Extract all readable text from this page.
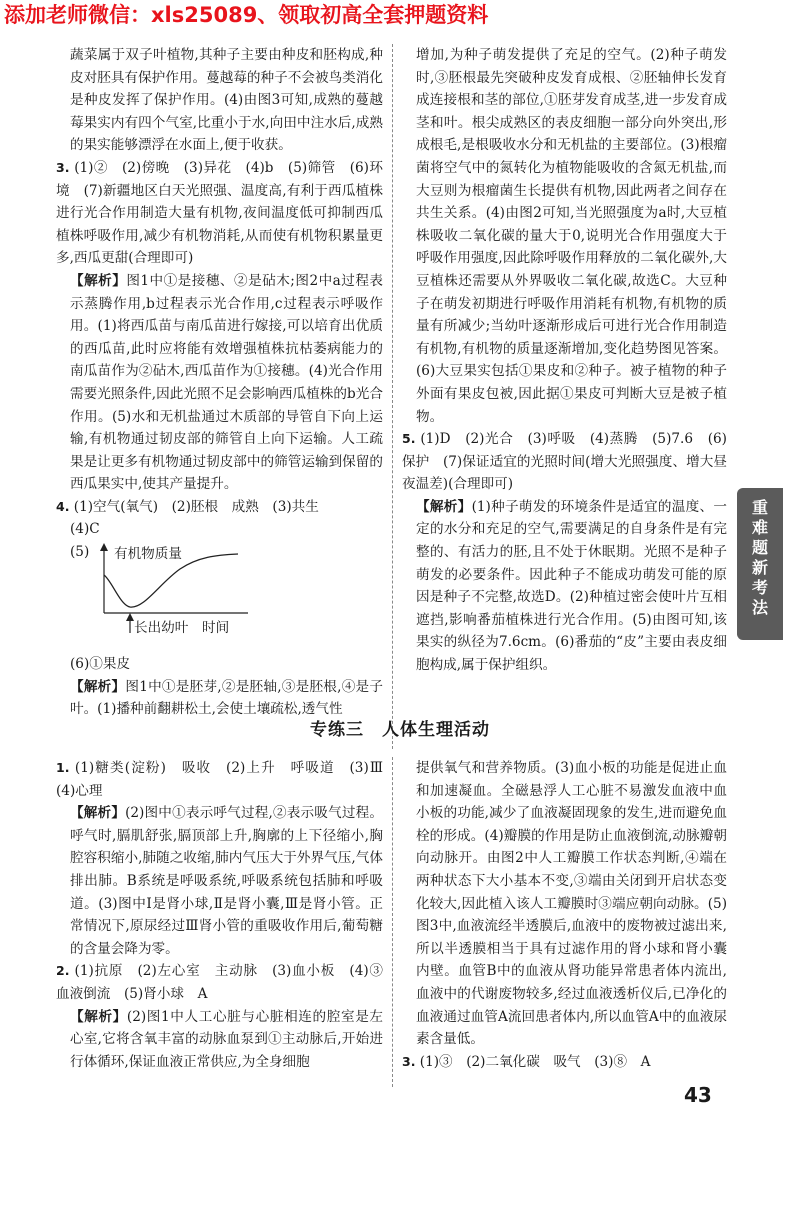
添加老师微信：xls25089、领取初高全套押题资料

蔬菜属于双子叶植物,其种子主要由种皮和胚构成,种皮对胚具有保护作用。蔓越莓的种子不会被鸟类消化是种皮发挥了保护作用。(4)由图3可知,成熟的蔓越莓果实内有四个气室,比重小于水,向田中注水后,成熟的果实能够漂浮在水面上,便于收获。

3. (1)②　(2)傍晚　(3)异花　(4)b　(5)筛管　(6)环境　(7)新疆地区白天光照强、温度高,有利于西瓜植株进行光合作用制造大量有机物,夜间温度低可抑制西瓜植株呼吸作用,减少有机物消耗,从而使有机物积累量更多,西瓜更甜(合理即可)

【解析】图1中①是接穗、②是砧木;图2中a过程表示蒸腾作用,b过程表示光合作用,c过程表示呼吸作用。(1)将西瓜苗与南瓜苗进行嫁接,可以培育出优质的西瓜苗,此时应将能有效增强植株抗枯萎病能力的南瓜苗作为②砧木,西瓜苗作为①接穗。(4)光合作用需要光照条件,因此光照不足会影响西瓜植株的b光合作用。(5)水和无机盐通过木质部的导管自下向上运输,有机物通过韧皮部的筛管自上向下运输。人工疏果是让更多有机物通过韧皮部中的筛管运输到保留的西瓜果实中,使其产量提升。

4. (1)空气(氧气)　(2)胚根　成熟　(3)共生

(4)C

(5) 有机物质量
长出幼叶 时间

(6)①果皮

【解析】图1中①是胚芽,②是胚轴,③是胚根,④是子叶。(1)播种前翻耕松土,会使土壤疏松,透气性

增加,为种子萌发提供了充足的空气。(2)种子萌发时,③胚根最先突破种皮发育成根、②胚轴伸长发育成连接根和茎的部位,①胚芽发育成茎,进一步发育成茎和叶。根尖成熟区的表皮细胞一部分向外突出,形成根毛,是根吸收水分和无机盐的主要部位。(3)根瘤菌将空气中的氮转化为植物能吸收的含氮无机盐,而大豆则为根瘤菌生长提供有机物,因此两者之间存在共生关系。(4)由图2可知,当光照强度为a时,大豆植株吸收二氧化碳的量大于0,说明光合作用强度大于呼吸作用强度,因此除呼吸作用释放的二氧化碳外,大豆植株还需要从外界吸收二氧化碳,故选C。大豆种子在萌发初期进行呼吸作用消耗有机物,有机物的质量有所减少;当幼叶逐渐形成后可进行光合作用制造有机物,有机物的质量逐渐增加,变化趋势图见答案。(6)大豆果实包括①果皮和②种子。被子植物的种子外面有果皮包被,因此据①果皮可判断大豆是被子植物。

5. (1)D　(2)光合　(3)呼吸　(4)蒸腾　(5)7.6　(6)保护　(7)保证适宜的光照时间(增大光照强度、增大昼夜温差)(合理即可)

【解析】(1)种子萌发的环境条件是适宜的温度、一定的水分和充足的空气,需要满足的自身条件是有完整的、有活力的胚,且不处于休眠期。光照不是种子萌发的必要条件。因此种子不能成功萌发可能的原因是种子不完整,故选D。(2)种植过密会使叶片互相遮挡,影响番茄植株进行光合作用。(5)由图可知,该果实的纵径为7.6cm。(6)番茄的“皮”主要由表皮细胞构成,属于保护组织。

专练三　人体生理活动

1. (1)糖类(淀粉)　吸收　(2)上升　呼吸道　(3)Ⅲ　(4)心理

【解析】(2)图中①表示呼气过程,②表示吸气过程。呼气时,膈肌舒张,膈顶部上升,胸廓的上下径缩小,胸腔容积缩小,肺随之收缩,肺内气压大于外界气压,气体排出肺。B系统是呼吸系统,呼吸系统包括肺和呼吸道。(3)图中Ⅰ是肾小球,Ⅱ是肾小囊,Ⅲ是肾小管。正常情况下,原尿经过Ⅲ肾小管的重吸收作用后,葡萄糖的含量会降为零。

2. (1)抗原　(2)左心室　主动脉　(3)血小板　(4)③　血液倒流　(5)肾小球　A

【解析】(2)图1中人工心脏与心脏相连的腔室是左心室,它将含氧丰富的动脉血泵到①主动脉后,开始进行体循环,保证血液正常供应,为全身细胞

提供氧气和营养物质。(3)血小板的功能是促进止血和加速凝血。全磁悬浮人工心脏不易激发血液中血小板的功能,减少了血液凝固现象的发生,进而避免血栓的形成。(4)瓣膜的作用是防止血液倒流,动脉瓣朝向动脉开。由图2中人工瓣膜工作状态判断,④端在两种状态下大小基本不变,③端由关闭到开启状态变化较大,因此植入该人工瓣膜时③端应朝向动脉。(5)图3中,血液流经半透膜后,血液中的废物被过滤出来,所以半透膜相当于具有过滤作用的肾小球和肾小囊内壁。血管B中的血液从肾功能异常患者体内流出,血液中的代谢废物较多,经过血液透析仪后,已净化的血液通过血管A流回患者体内,所以血管A中的血液尿素含量低。

3. (1)③　(2)二氧化碳　吸气　(3)⑧　A

重
难
题
新
考
法
43
